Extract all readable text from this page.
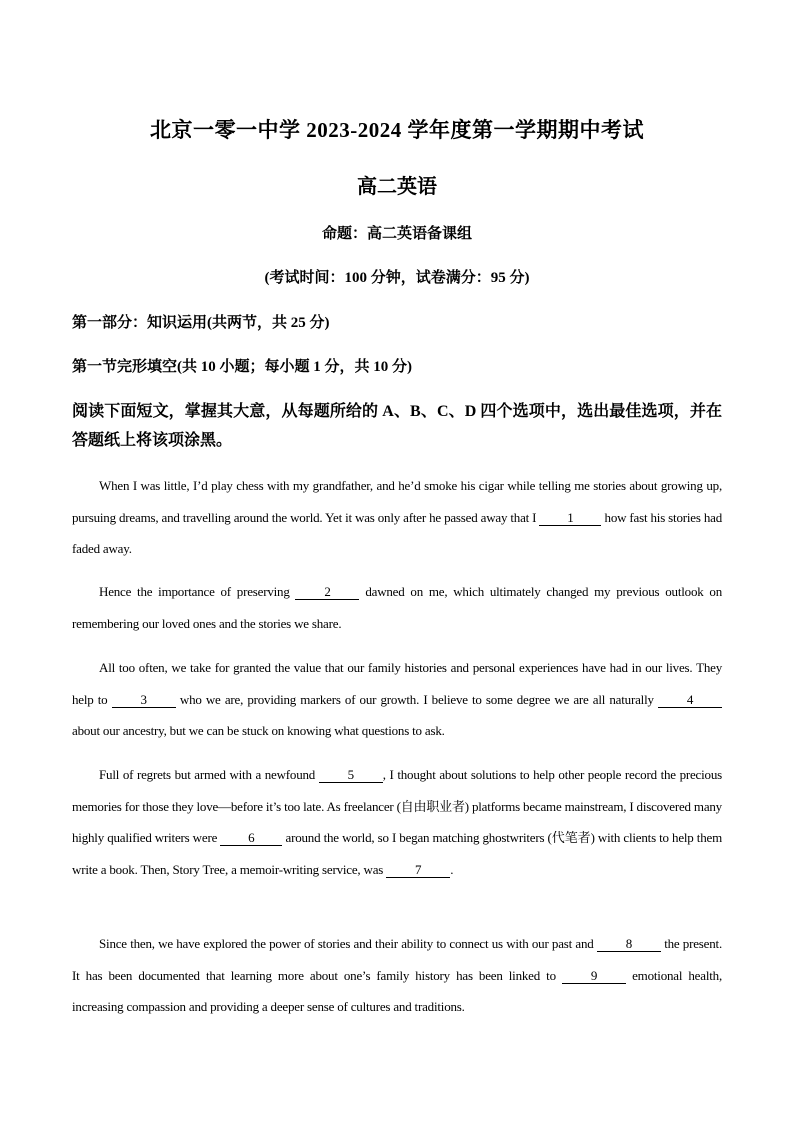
北京一零一中学 2023-2024 学年度第一学期期中考试
高二英语
命题：高二英语备课组
(考试时间：100 分钟，试卷满分：95 分)
第一部分：知识运用(共两节，共 25 分)
第一节完形填空(共 10 小题；每小题 1 分，共 10 分)
阅读下面短文，掌握其大意，从每题所给的 A、B、C、D 四个选项中，选出最佳选项，并在答题纸上将该项涂黑。
When I was little, I’d play chess with my grandfather, and he’d smoke his cigar while telling me stories about growing up, pursuing dreams, and travelling around the world. Yet it was only after he passed away that I 1 how fast his stories had faded away.
Hence the importance of preserving 2 dawned on me, which ultimately changed my previous outlook on remembering our loved ones and the stories we share.
All too often, we take for granted the value that our family histories and personal experiences have had in our lives. They help to 3 who we are, providing markers of our growth. I believe to some degree we are all naturally 4 about our ancestry, but we can be stuck on knowing what questions to ask.
Full of regrets but armed with a newfound 5 , I thought about solutions to help other people record the precious memories for those they love—before it’s too late. As freelancer (自由职业者) platforms became mainstream, I discovered many highly qualified writers were 6 around the world, so I began matching ghostwriters (代笔者) with clients to help them write a book. Then, Story Tree, a memoir-writing service, was 7 .
Since then, we have explored the power of stories and their ability to connect us with our past and 8 the present. It has been documented that learning more about one’s family history has been linked to 9 emotional health, increasing compassion and providing a deeper sense of cultures and traditions.
